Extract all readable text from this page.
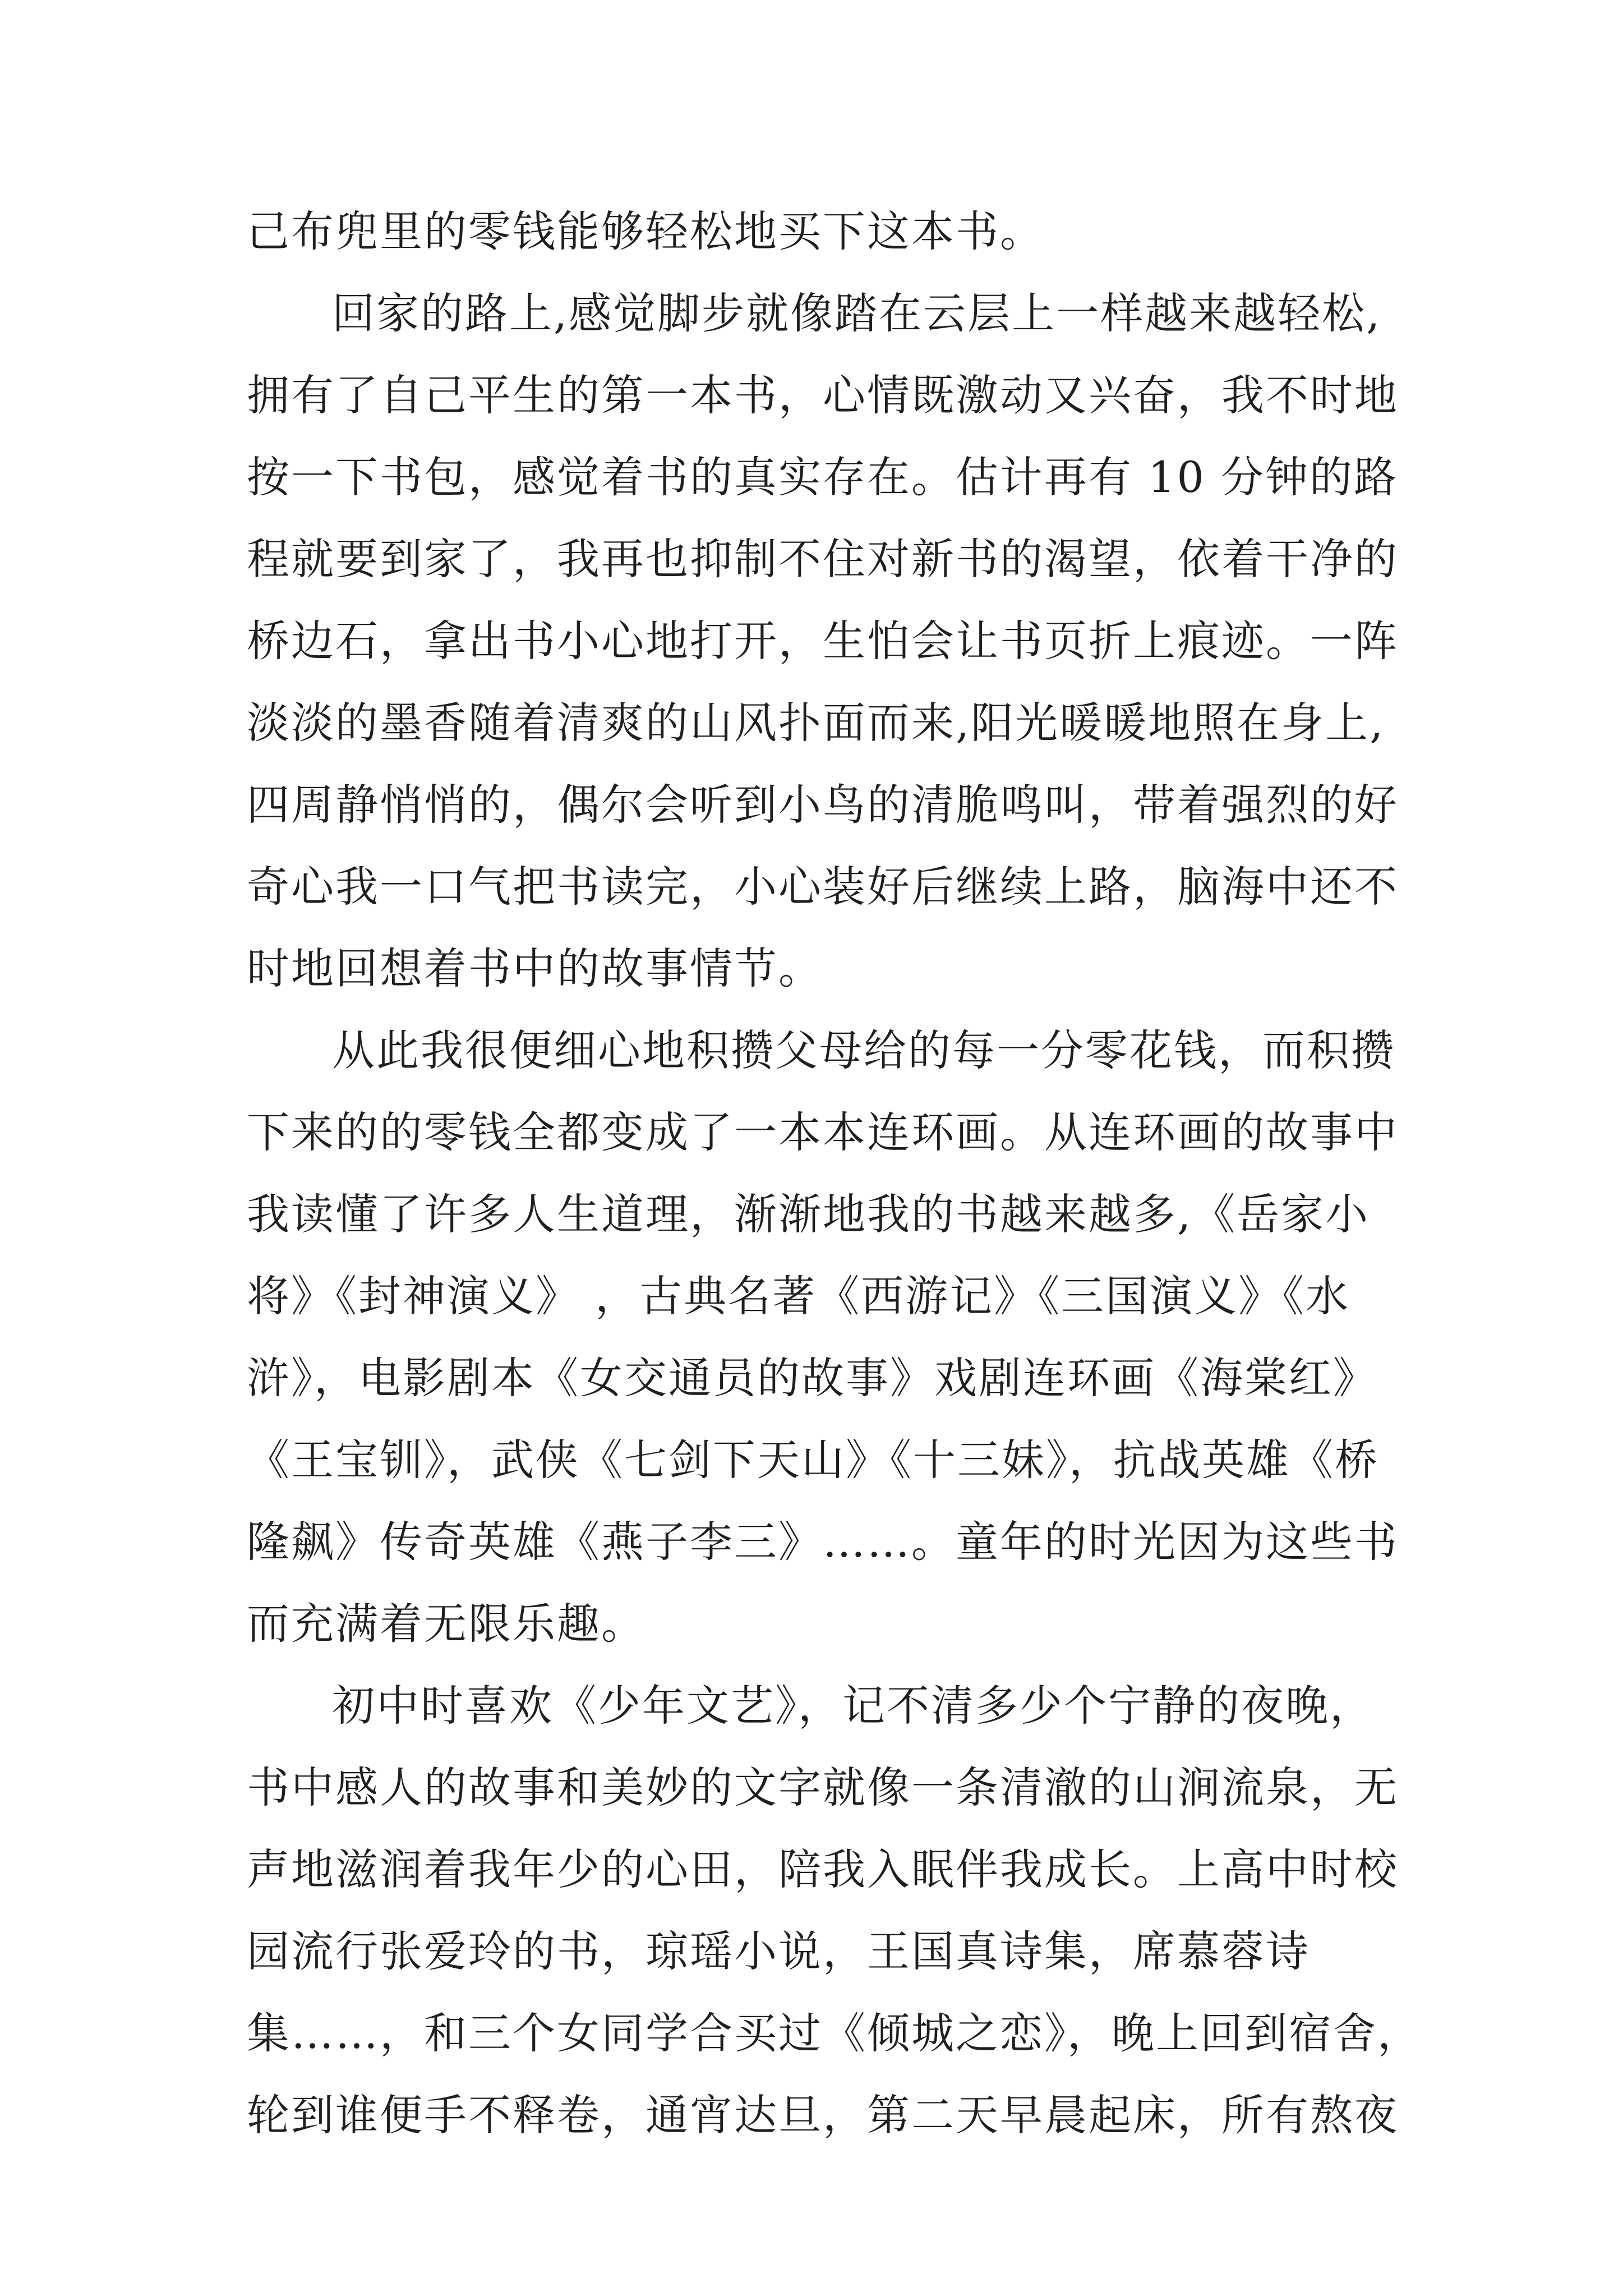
己布兜里的零钱能够轻松地买下这本书。
回家的路上,感觉脚步就像踏在云层上一样越来越轻松,
拥有了自己平生的第一本书，心情既激动又兴奋，我不时地
按一下书包，感觉着书的真实存在。估计再有 10 分钟的路
程就要到家了，我再也抑制不住对新书的渴望，依着干净的
桥边石，拿出书小心地打开，生怕会让书页折上痕迹。一阵
淡淡的墨香随着清爽的山风扑面而来,阳光暖暖地照在身上,
四周静悄悄的，偶尔会听到小鸟的清脆鸣叫，带着强烈的好
奇心我一口气把书读完，小心装好后继续上路，脑海中还不
时地回想着书中的故事情节。
从此我很便细心地积攒父母给的每一分零花钱，而积攒
下来的的零钱全都变成了一本本连环画。从连环画的故事中
我读懂了许多人生道理，渐渐地我的书越来越多,《岳家小
将》《封神演义》 ，古典名著《西游记》《三国演义》《水
浒》，电影剧本《女交通员的故事》戏剧连环画《海棠红》
《王宝钏》，武侠《七剑下天山》《十三妹》，抗战英雄《桥
隆飙》传奇英雄《燕子李三》……。童年的时光因为这些书
而充满着无限乐趣。
初中时喜欢《少年文艺》，记不清多少个宁静的夜晚，
书中感人的故事和美妙的文字就像一条清澈的山涧流泉，无
声地滋润着我年少的心田，陪我入眠伴我成长。上高中时校
园流行张爱玲的书，琼瑶小说，王国真诗集，席慕蓉诗
集……，和三个女同学合买过《倾城之恋》，晚上回到宿舍，
轮到谁便手不释卷，通宵达旦，第二天早晨起床，所有熬夜
